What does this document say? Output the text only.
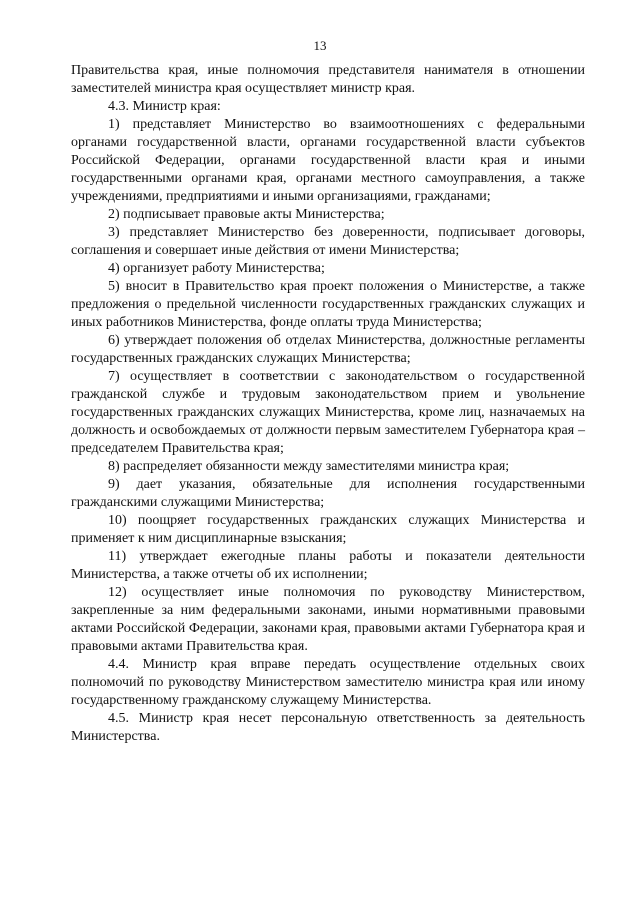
13

Правительства края, иные полномочия представителя нанимателя в отношении заместителей министра края осуществляет министр края.

4.3. Министр края:

1) представляет Министерство во взаимоотношениях с федеральными органами государственной власти, органами государственной власти субъектов Российской Федерации, органами государственной власти края и иными государственными органами края, органами местного самоуправления, а также учреждениями, предприятиями и иными организациями, гражданами;

2) подписывает правовые акты Министерства;

3) представляет Министерство без доверенности, подписывает договоры, соглашения и совершает иные действия от имени Министерства;

4) организует работу Министерства;

5) вносит в Правительство края проект положения о Министерстве, а также предложения о предельной численности государственных гражданских служащих и иных работников Министерства, фонде оплаты труда Министерства;

6) утверждает положения об отделах Министерства, должностные регламенты государственных гражданских служащих Министерства;

7) осуществляет в соответствии с законодательством о государственной гражданской службе и трудовым законодательством прием и увольнение государственных гражданских служащих Министерства, кроме лиц, назначаемых на должность и освобождаемых от должности первым заместителем Губернатора края – председателем Правительства края;

8) распределяет обязанности между заместителями министра края;

9) дает указания, обязательные для исполнения государственными гражданскими служащими Министерства;

10) поощряет государственных гражданских служащих Министерства и применяет к ним дисциплинарные взыскания;

11) утверждает ежегодные планы работы и показатели деятельности Министерства, а также отчеты об их исполнении;

12) осуществляет иные полномочия по руководству Министерством, закрепленные за ним федеральными законами, иными нормативными правовыми актами Российской Федерации, законами края, правовыми актами Губернатора края и правовыми актами Правительства края.

4.4. Министр края вправе передать осуществление отдельных своих полномочий по руководству Министерством заместителю министра края или иному государственному гражданскому служащему Министерства.

4.5. Министр края несет персональную ответственность за деятельность Министерства.
